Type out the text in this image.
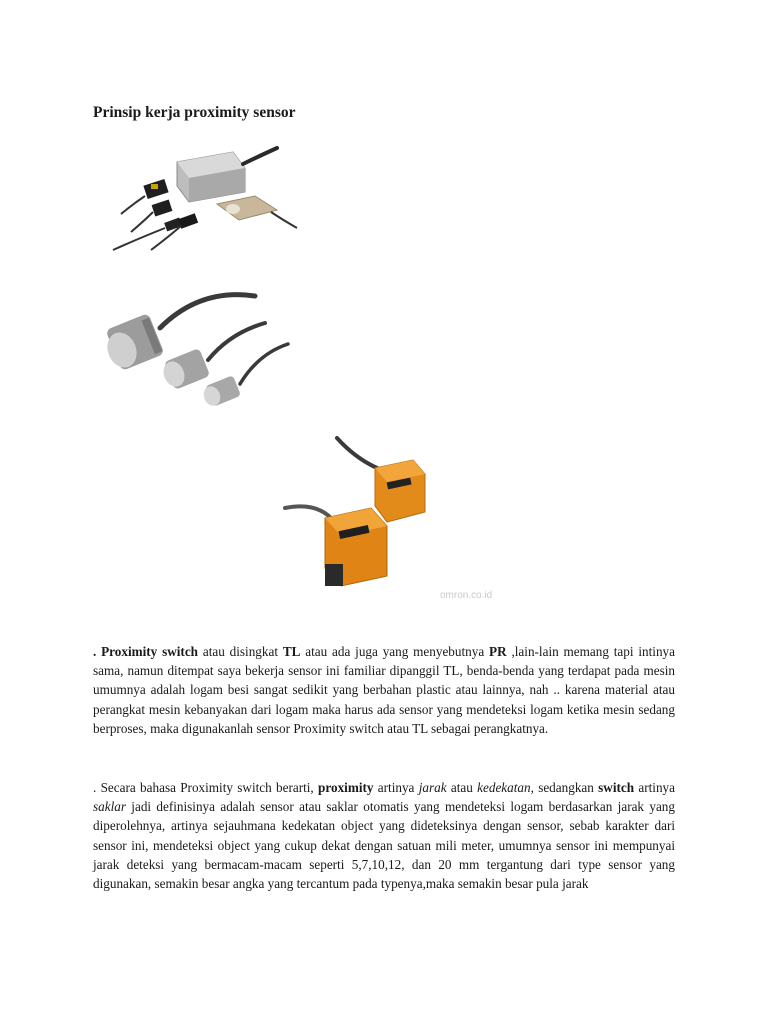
Prinsip kerja proximity sensor
omron.co.id

. Proximity switch atau disingkat TL atau ada juga yang menyebutnya PR ,lain-lain memang tapi intinya sama, namun ditempat saya bekerja sensor ini familiar dipanggil TL, benda-benda yang terdapat pada mesin umumnya adalah logam besi sangat sedikit yang berbahan plastic atau lainnya, nah .. karena material atau perangkat mesin kebanyakan dari logam maka harus ada sensor yang mendeteksi logam ketika mesin sedang berproses, maka digunakanlah sensor Proximity switch atau TL sebagai perangkatnya.

. Secara bahasa Proximity switch berarti, proximity artinya jarak atau kedekatan, sedangkan switch artinya saklar jadi definisinya adalah sensor atau saklar otomatis yang mendeteksi logam berdasarkan jarak yang diperolehnya, artinya sejauhmana kedekatan object yang dideteksinya dengan sensor, sebab karakter dari sensor ini, mendeteksi object yang cukup dekat dengan satuan mili meter, umumnya sensor ini mempunyai jarak deteksi yang bermacam-macam seperti 5,7,10,12, dan 20 mm tergantung dari type sensor yang digunakan, semakin besar angka yang tercantum pada typenya,maka semakin besar pula jarak
